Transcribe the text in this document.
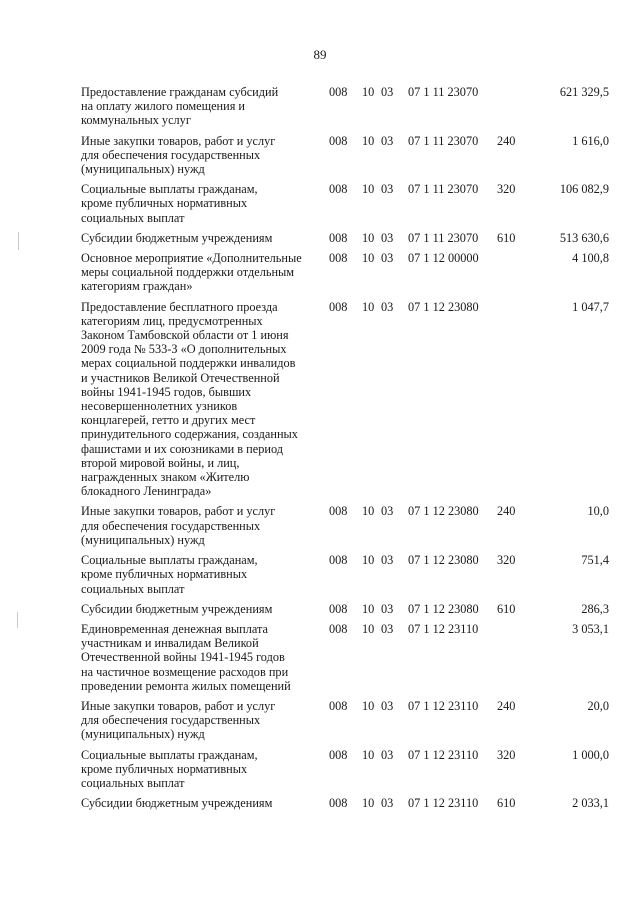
89
Предоставление гражданам субсидий
на оплату жилого помещения и
коммунальных услуг
008 10 03 07 1 11 23070	621 329,5
Иные закупки товаров, работ и услуг
для обеспечения государственных
(муниципальных) нужд
008 10 03 07 1 11 23070 240	1 616,0
Социальные выплаты гражданам,
кроме публичных нормативных
социальных выплат
008 10 03 07 1 11 23070 320	106 082,9
Субсидии бюджетным учреждениям	008 10 03 07 1 11 23070 610	513 630,6
Основное мероприятие «Дополнительные
меры социальной поддержки отдельным
категориям граждан»
008 10 03 07 1 12 00000	4 100,8
Предоставление бесплатного проезда
категориям лиц, предусмотренных
Законом Тамбовской области от 1 июня
2009 года № 533-З «О дополнительных
мерах социальной поддержки инвалидов
и участников Великой Отечественной
войны 1941-1945 годов, бывших
несовершеннолетних узников
концлагерей, гетто и других мест
принудительного содержания, созданных
фашистами и их союзниками в период
второй мировой войны, и лиц,
награжденных знаком «Жителю
блокадного Ленинграда»
008 10 03 07 1 12 23080	1 047,7
Иные закупки товаров, работ и услуг
для обеспечения государственных
(муниципальных) нужд
008 10 03 07 1 12 23080 240	10,0
Социальные выплаты гражданам,
кроме публичных нормативных
социальных выплат
008 10 03 07 1 12 23080 320	751,4
Субсидии бюджетным учреждениям	008 10 03 07 1 12 23080 610	286,3
Единовременная денежная выплата
участникам и инвалидам Великой
Отечественной войны 1941-1945 годов
на частичное возмещение расходов при
проведении ремонта жилых помещений
008 10 03 07 1 12 23110	3 053,1
Иные закупки товаров, работ и услуг
для обеспечения государственных
(муниципальных) нужд
008 10 03 07 1 12 23110 240	20,0
Социальные выплаты гражданам,
кроме публичных нормативных
социальных выплат
008 10 03 07 1 12 23110 320	1 000,0
Субсидии бюджетным учреждениям	008 10 03 07 1 12 23110 610	2 033,1
